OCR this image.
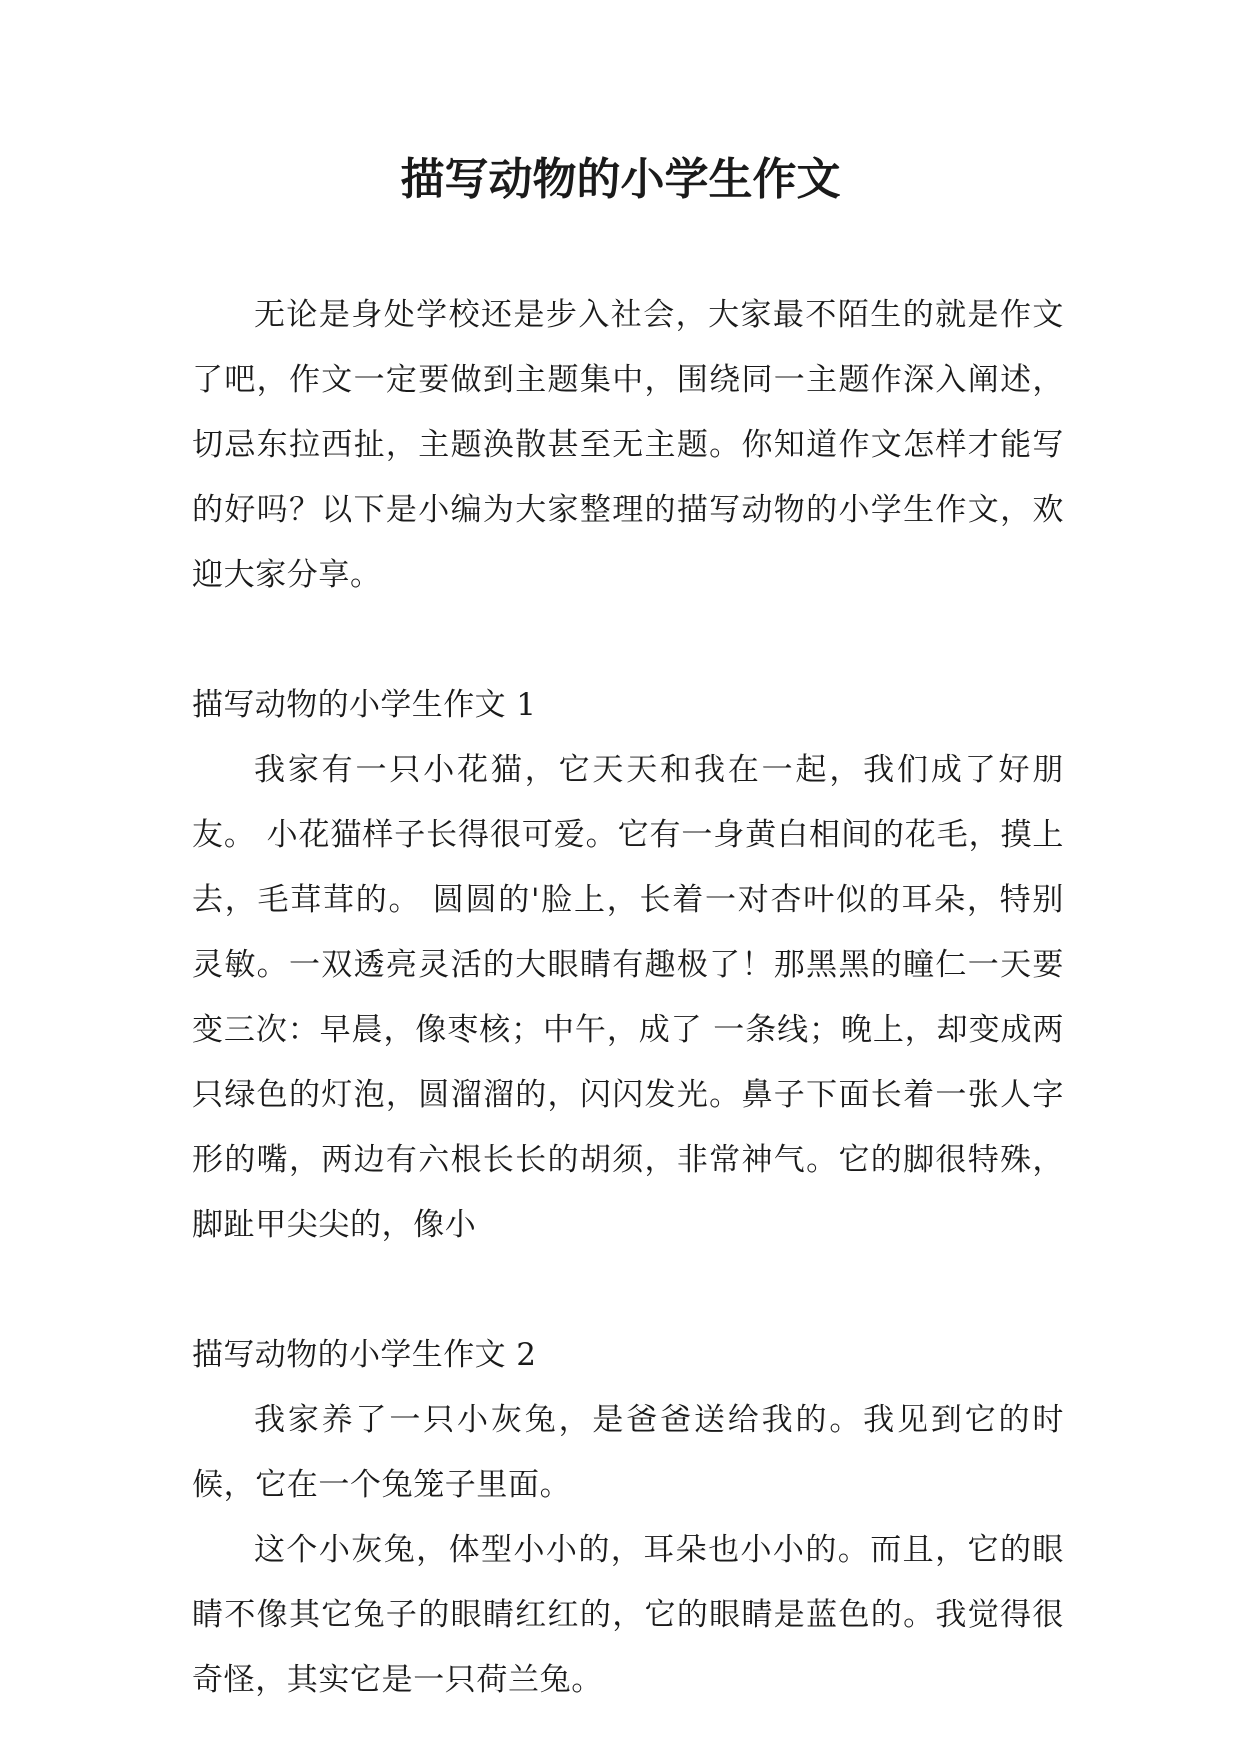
描写动物的小学生作文

无论是身处学校还是步入社会，大家最不陌生的就是作文了吧，作文一定要做到主题集中，围绕同一主题作深入阐述，切忌东拉西扯，主题涣散甚至无主题。你知道作文怎样才能写的好吗？以下是小编为大家整理的描写动物的小学生作文，欢迎大家分享。

描写动物的小学生作文 1

我家有一只小花猫，它天天和我在一起，我们成了好朋友。 小花猫样子长得很可爱。它有一身黄白相间的花毛，摸上去，毛茸茸的。 圆圆的'脸上，长着一对杏叶似的耳朵，特别灵敏。一双透亮灵活的大眼睛有趣极了！那黑黑的瞳仁一天要变三次：早晨，像枣核；中午，成了 一条线；晚上，却变成两只绿色的灯泡，圆溜溜的，闪闪发光。鼻子下面长着一张人字形的嘴，两边有六根长长的胡须，非常神气。它的脚很特殊，脚趾甲尖尖的，像小

描写动物的小学生作文 2

我家养了一只小灰兔，是爸爸送给我的。我见到它的时候，它在一个兔笼子里面。

这个小灰兔，体型小小的，耳朵也小小的。而且，它的眼睛不像其它兔子的眼睛红红的，它的眼睛是蓝色的。我觉得很奇怪，其实它是一只荷兰兔。
